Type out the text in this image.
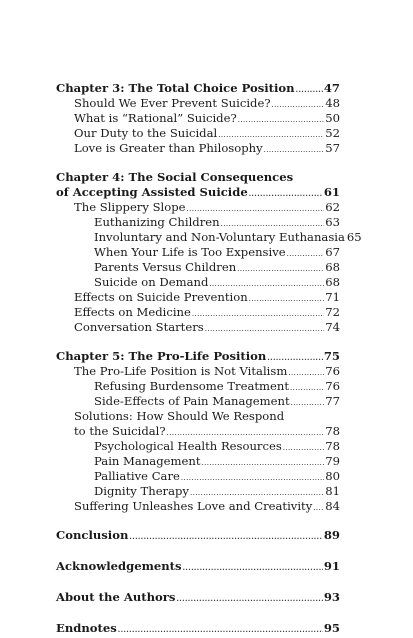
Chapter 3: The Total Choice Position .....	47
Should We Ever Prevent Suicide? .....	48
What is “Rational” Suicide? .....	50
Our Duty to the Suicidal .....	52
Love is Greater than Philosophy .....	57
Chapter 4: The Social Consequences
of Accepting Assisted Suicide .....	61
The Slippery Slope .....	62
Euthanizing Children .....	63
Involuntary and Non-Voluntary Euthanasia 65
When Your Life is Too Expensive .....	67
Parents Versus Children .....	68
Suicide on Demand .....	68
Effects on Suicide Prevention .....	71
Effects on Medicine .....	72
Conversation Starters .....	74
Chapter 5: The Pro-Life Position .....	75
The Pro-Life Position is Not Vitalism .....	76
Refusing Burdensome Treatment .....	76
Side-Effects of Pain Management .....	77
Solutions: How Should We Respond
to the Suicidal? .....	78
Psychological Health Resources .....	78
Pain Management .....	79
Palliative Care .....	80
Dignity Therapy .....	81
Suffering Unleashes Love and Creativity ..... 84
Conclusion .....	89
Acknowledgements .....	91
About the Authors .....	93
Endnotes .....	95
